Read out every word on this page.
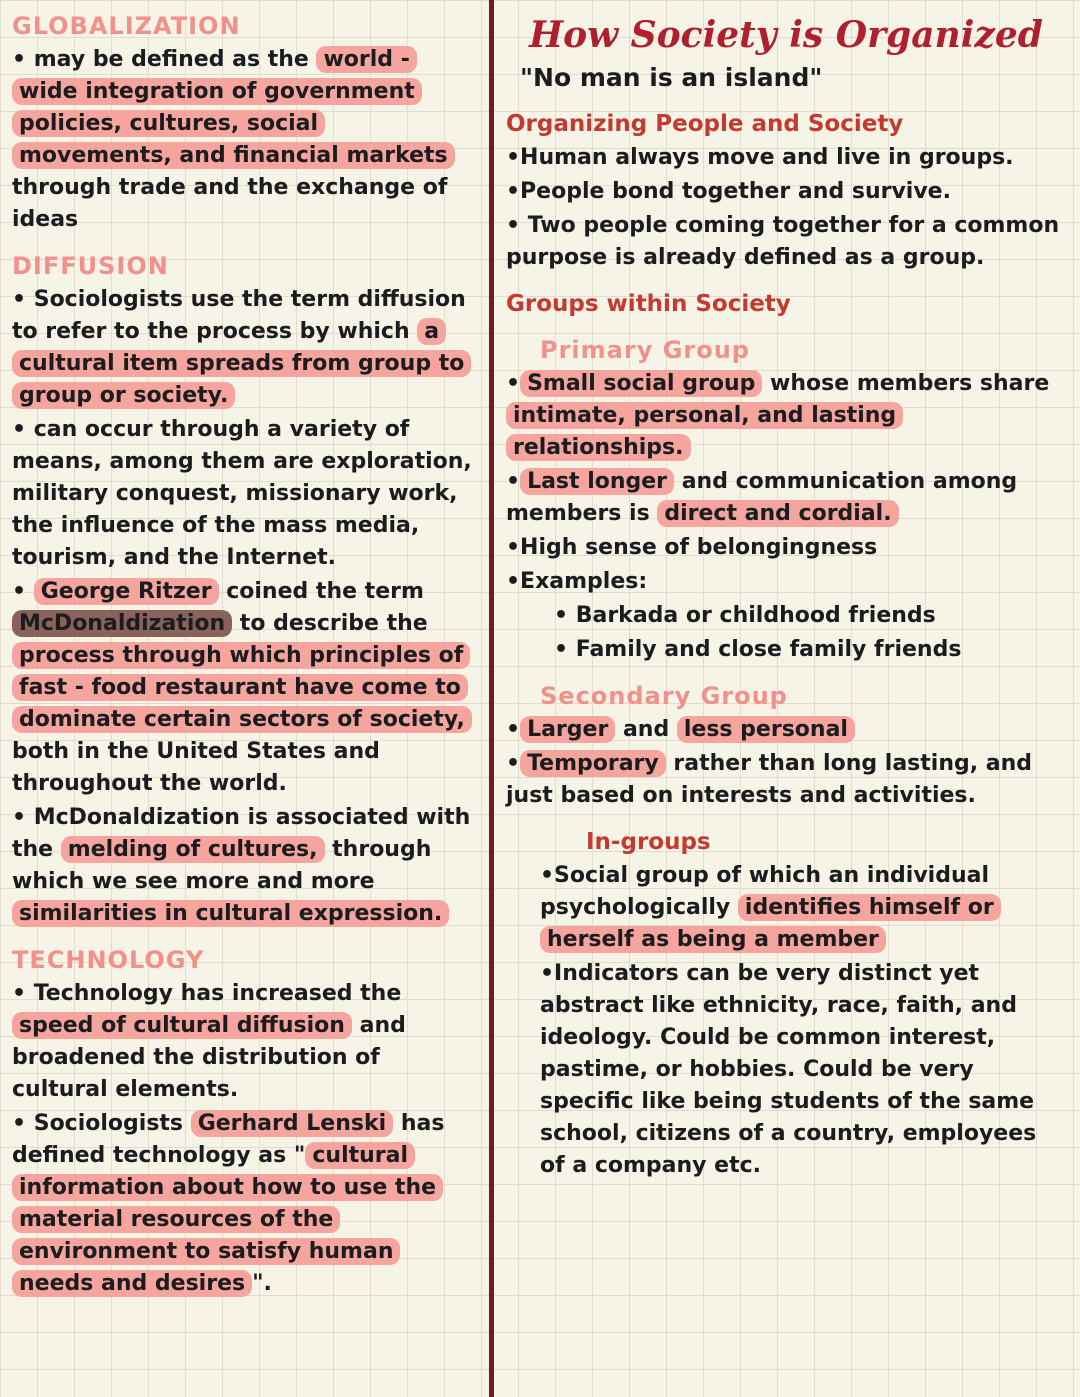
GLOBALIZATION
• may be defined as the world - wide integration of government policies, cultures, social movements, and financial markets through trade and the exchange of ideas
DIFFUSION
• Sociologists use the term diffusion to refer to the process by which a cultural item spreads from group to group or society.
• can occur through a variety of means, among them are exploration, military conquest, missionary work, the influence of the mass media, tourism, and the Internet.
• George Ritzer coined the term McDonaldization to describe the process through which principles of fast - food restaurant have come to dominate certain sectors of society, both in the United States and throughout the world.
• McDonaldization is associated with the melding of cultures, through which we see more and more similarities in cultural expression.
TECHNOLOGY
• Technology has increased the speed of cultural diffusion and broadened the distribution of cultural elements.
• Sociologists Gerhard Lenski has defined technology as " cultural information about how to use the material resources of the environment to satisfy human needs and desires ".
How Society is Organized
"No man is an island"
Organizing People and Society
•Human always move and live in groups.
•People bond together and survive.
• Two people coming together for a common purpose is already defined as a group.
Groups within Society
Primary Group
• Small social group whose members share intimate, personal, and lasting relationships.
• Last longer and communication among members is direct and cordial.
•High sense of belongingness
•Examples:
• Barkada or childhood friends
• Family and close family friends
Secondary Group
• Larger and less personal
• Temporary rather than long lasting, and just based on interests and activities.
In-groups
•Social group of which an individual psychologically identifies himself or herself as being a member
•Indicators can be very distinct yet abstract like ethnicity, race, faith, and ideology. Could be common interest, pastime, or hobbies. Could be very specific like being students of the same school, citizens of a country, employees of a company etc.
